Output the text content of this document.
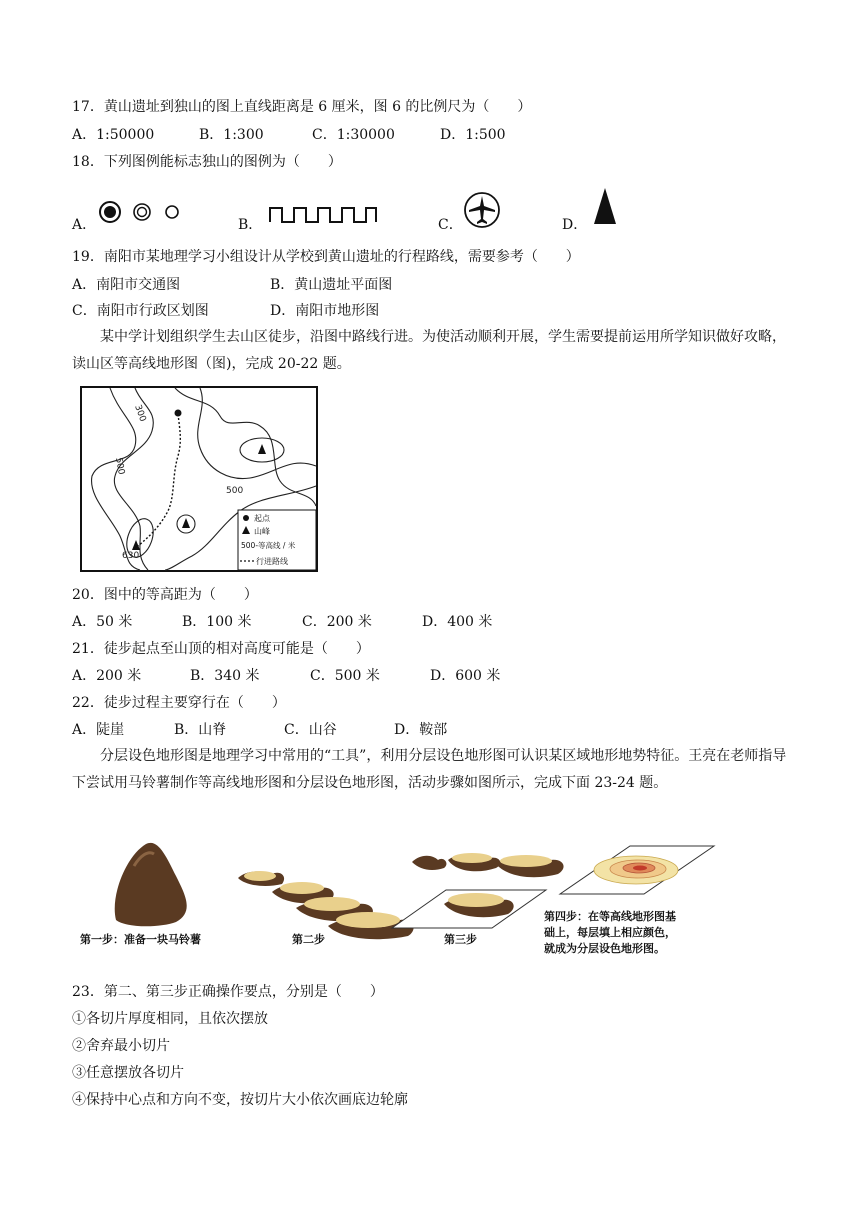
17．黄山遗址到独山的图上直线距离是 6 厘米，图 6 的比例尺为（　　）
A．1:50000	B．1:300	C．1:30000	D．1:500
18．下列图例能标志独山的图例为（　　）
A．	B．	C．	D．
19．南阳市某地理学习小组设计从学校到黄山遗址的行程路线，需要参考（　　）
A．南阳市交通图	B．黄山遗址平面图
C．南阳市行政区划图	D．南阳市地形图
某中学计划组织学生去山区徒步，沿图中路线行进。为使活动顺利开展，学生需要提前运用所学知识做好攻略，读山区等高线地形图（图)，完成 20-22 题。
300
500
500
630
起点
山峰
500-等高线 / 米
行进路线
20．图中的等高距为（　　）
A．50 米	B．100 米	C．200 米	D．400 米
21．徒步起点至山顶的相对高度可能是（　　）
A．200 米	B．340 米	C．500 米	D．600 米
22．徒步过程主要穿行在（　　）
A．陡崖	B．山脊	C．山谷	D．鞍部
分层设色地形图是地理学习中常用的“工具”，利用分层设色地形图可认识某区域地形地势特征。王亮在老师指导下尝试用马铃薯制作等高线地形图和分层设色地形图，活动步骤如图所示，完成下面 23-24 题。
第一步：准备一块马铃薯	第二步	第三步
第四步：在等高线地形图基
础上，每层填上相应颜色，
就成为分层设色地形图。
23．第二、第三步正确操作要点，分别是（　　）
①各切片厚度相同，且依次摆放
②舍弃最小切片
③任意摆放各切片
④保持中心点和方向不变，按切片大小依次画底边轮廓
